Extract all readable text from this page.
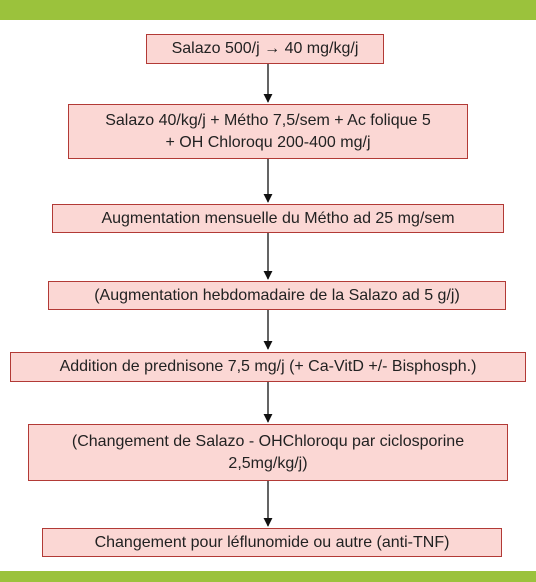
Salazo 500/j → 40 mg/kg/j
Salazo 40/kg/j + Métho 7,5/sem + Ac folique 5
+ OH Chloroqu 200-400 mg/j
Augmentation mensuelle du Métho ad 25 mg/sem
(Augmentation hebdomadaire de la Salazo ad 5 g/j)
Addition de prednisone 7,5 mg/j (+ Ca-VitD +/- Bisphosph.)
(Changement de Salazo - OHChloroqu par ciclosporine
2,5mg/kg/j)
Changement pour léflunomide ou autre (anti-TNF)
